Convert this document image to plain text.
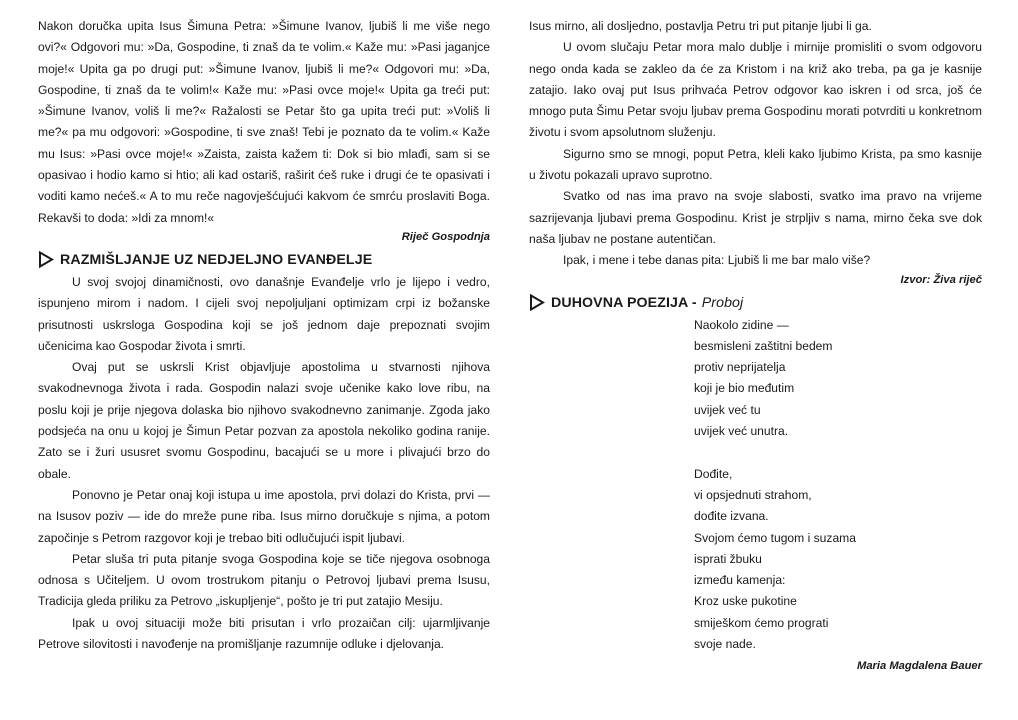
Nakon doručka upita Isus Šimuna Petra: »Šimune Ivanov, ljubiš li me više nego ovi?« Odgovori mu: »Da, Gospodine, ti znaš da te volim.« Kaže mu: »Pasi jaganjce moje!« Upita ga po drugi put: »Šimune Ivanov, ljubiš li me?« Odgovori mu: »Da, Gospodine, ti znaš da te volim!« Kaže mu: »Pasi ovce moje!« Upita ga treći put: »Šimune Ivanov, voliš li me?« Ražalosti se Petar što ga upita treći put: »Voliš li me?« pa mu odgovori: »Gospodine, ti sve znaš! Tebi je poznato da te volim.« Kaže mu Isus: »Pasi ovce moje!« »Zaista, zaista kažem ti: Dok si bio mlađi, sam si se opasivao i hodio kamo si htio; ali kad ostariš, raširit ćeš ruke i drugi će te opasivati i voditi kamo nećeš.« A to mu reče nagovješćujući kakvom će smrću proslaviti Boga. Rekavši to doda: »Idi za mnom!«

Riječ Gospodnja
RAZMIŠLJANJE UZ NEDJELJNO EVANĐELJE

U svoj svojoj dinamičnosti, ovo današnje Evanđelje vrlo je lijepo i vedro, ispunjeno mirom i nadom. I cijeli svoj nepoljuljani optimizam crpi iz božanske prisutnosti uskrsloga Gospodina koji se još jednom daje prepoznati svojim učenicima kao Gospodar života i smrti.

Ovaj put se uskrsli Krist objavljuje apostolima u stvarnosti njihova svakodnevnoga života i rada. Gospodin nalazi svoje učenike kako love ribu, na poslu koji je prije njegova dolaska bio njihovo svakodnevno zanimanje. Zgoda jako podsjeća na onu u kojoj je Šimun Petar pozvan za apostola nekoliko godina ranije. Zato se i žuri ususret svomu Gospodinu, bacajući se u more i plivajući brzo do obale.

Ponovno je Petar onaj koji istupa u ime apostola, prvi dolazi do Krista, prvi — na Isusov poziv — ide do mreže pune riba. Isus mirno doručkuje s njima, a potom započinje s Petrom razgovor koji je trebao biti odlučujući ispit ljubavi.

Petar sluša tri puta pitanje svoga Gospodina koje se tiče njegova osobnoga odnosa s Učiteljem. U ovom trostrukom pitanju o Petrovoj ljubavi prema Isusu, Tradicija gleda priliku za Petrovo „iskupljenje“, pošto je tri put zatajio Mesiju.

Ipak u ovoj situaciji može biti prisutan i vrlo prozaičan cilj: ujarmljivanje Petrove silovitosti i navođenje na promišljanje razumnije odluke i djelovanja.

Isus mirno, ali dosljedno, postavlja Petru tri put pitanje ljubi li ga.

U ovom slučaju Petar mora malo dublje i mirnije promisliti o svom odgovoru nego onda kada se zakleo da će za Kristom i na križ ako treba, pa ga je kasnije zatajio. Iako ovaj put Isus prihvaća Petrov odgovor kao iskren i od srca, još će mnogo puta Šimu Petar svoju ljubav prema Gospodinu morati potvrditi u konkretnom životu i svom apsolutnom služenju.

Sigurno smo se mnogi, poput Petra, kleli kako ljubimo Krista, pa smo kasnije u životu pokazali upravo suprotno.

Svatko od nas ima pravo na svoje slabosti, svatko ima pravo na vrijeme sazrijevanja ljubavi prema Gospodinu. Krist je strpljiv s nama, mirno čeka sve dok naša ljubav ne postane autentičan.

Ipak, i mene i tebe danas pita: Ljubiš li me bar malo više?

Izvor: Živa riječ
DUHOVNA POEZIJA - Proboj
Naokolo zidine —
besmisleni zaštitni bedem
protiv neprijatelja
koji je bio međutim
uvijek već tu
uvijek već unutra.
Dođite,
vi opsjednuti strahom,
dođite izvana.
Svojom ćemo tugom i suzama
isprati žbuku
između kamenja:
Kroz uske pukotine
smiješkom ćemo prograti
svoje nade.
Maria Magdalena Bauer
